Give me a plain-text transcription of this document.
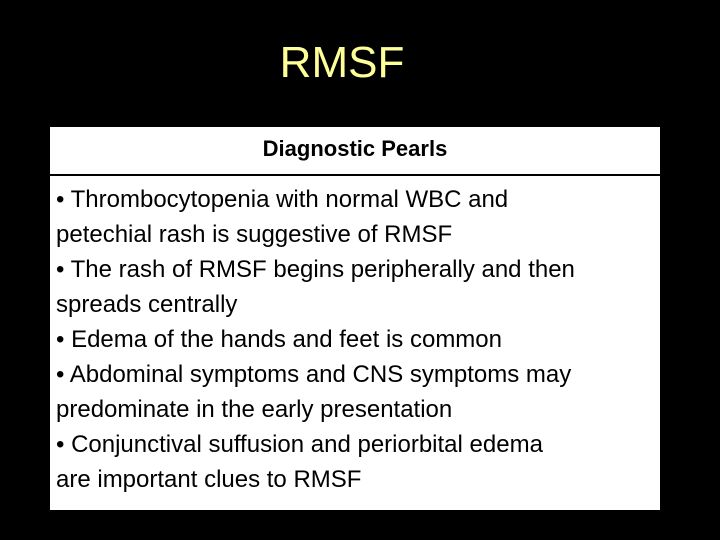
RMSF
Diagnostic Pearls
• Thrombocytopenia with normal WBC and
petechial rash is suggestive of RMSF
• The rash of RMSF begins peripherally and then
spreads centrally
• Edema of the hands and feet is common
• Abdominal symptoms and CNS symptoms may
predominate in the early presentation
• Conjunctival suffusion and periorbital edema
are important clues to RMSF
